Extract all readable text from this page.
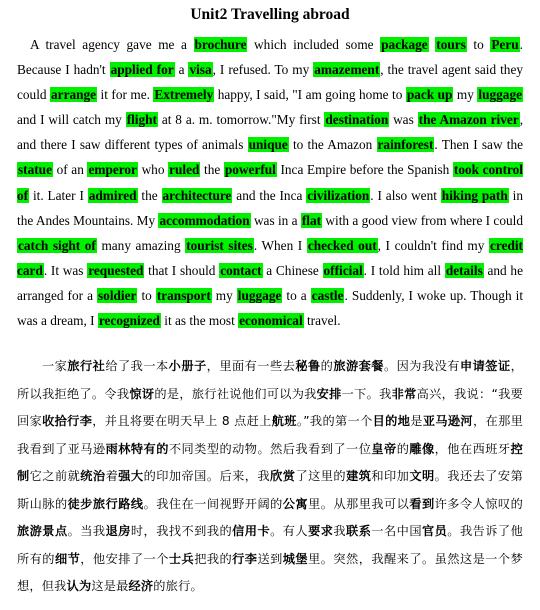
Unit2 Travelling abroad

A travel agency gave me a brochure which included some package tours to Peru. Because I hadn't applied for a visa, I refused. To my amazement, the travel agent said they could arrange it for me. Extremely happy, I said, "I am going home to pack up my luggage and I will catch my flight at 8 a. m. tomorrow."My first destination was the Amazon river, and there I saw different types of animals unique to the Amazon rainforest. Then I saw the statue of an emperor who ruled the powerful Inca Empire before the Spanish took control of it. Later I admired the architecture and the Inca civilization. I also went hiking path in the Andes Mountains. My accommodation was in a flat with a good view from where I could catch sight of many amazing tourist sites. When I checked out, I couldn't find my credit card. It was requested that I should contact a Chinese official. I told him all details and he arranged for a soldier to transport my luggage to a castle. Suddenly, I woke up. Though it was a dream, I recognized it as the most economical travel.

一家旅行社给了我一本小册子，里面有一些去秘鲁的旅游套餐。因为我没有申请签证，所以我拒绝了。令我惊讶的是，旅行社说他们可以为我安排一下。我非常高兴，我说：“我要回家收拾行李，并且将要在明天早上 8 点赶上航班。”我的第一个目的地是亚马逊河，在那里我看到了亚马逊雨林特有的不同类型的动物。然后我看到了一位皇帝的雕像，他在西班牙控制它之前就统治着强大的印加帝国。后来，我欣赏了这里的建筑和印加文明。我还去了安第斯山脉的徒步旅行路线。我住在一间视野开阔的公寓里。从那里我可以看到许多令人惊叹的旅游景点。当我退房时，我找不到我的信用卡。有人要求我联系一名中国官员。我告诉了他所有的细节，他安排了一个士兵把我的行李送到城堡里。突然，我醒来了。虽然这是一个梦想，但我认为这是最经济的旅行。
